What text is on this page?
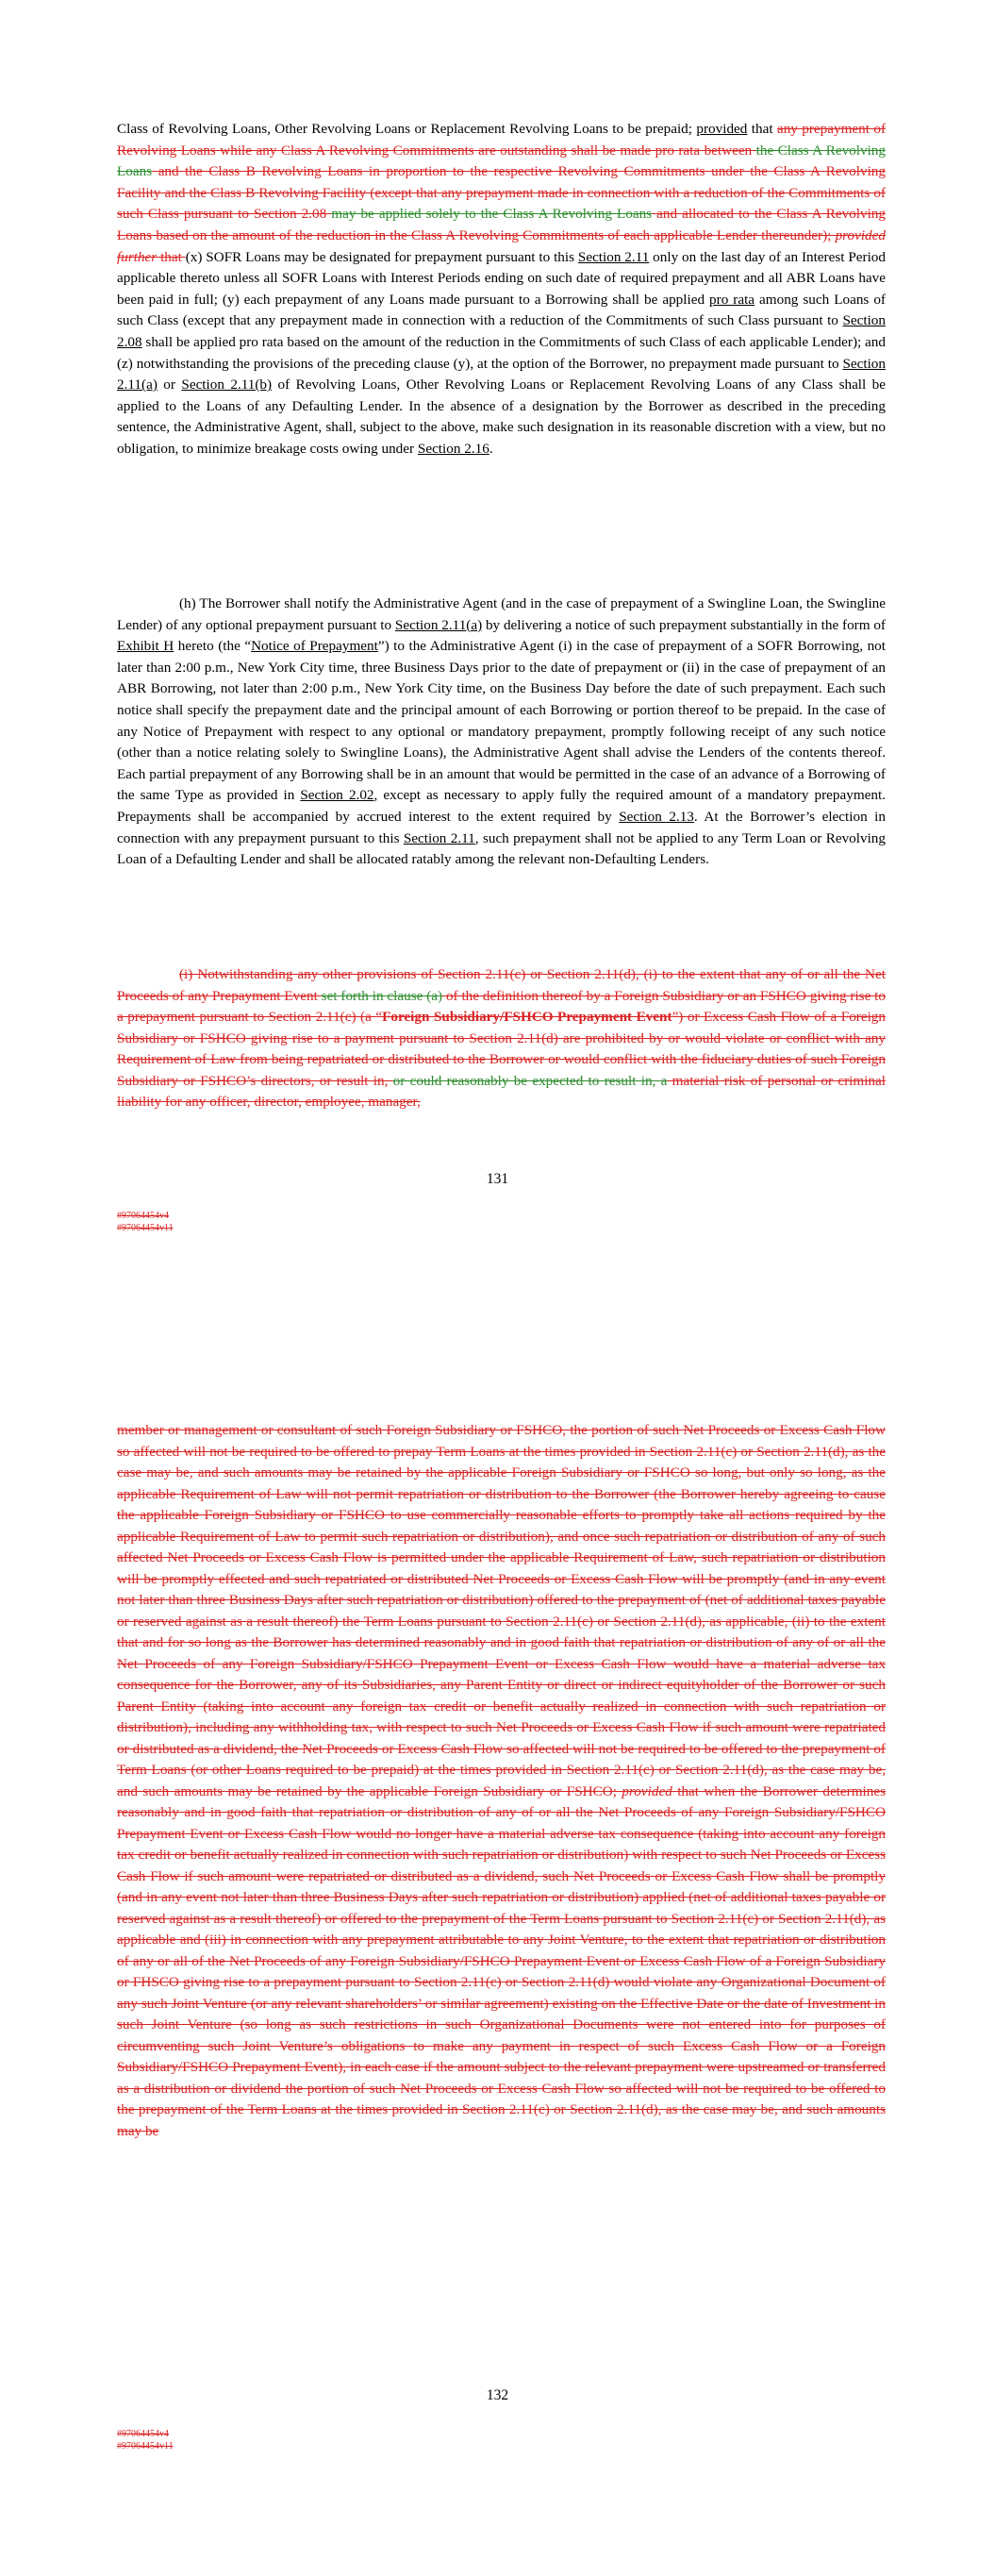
Class of Revolving Loans, Other Revolving Loans or Replacement Revolving Loans to be prepaid; provided that any prepayment of Revolving Loans while any Class A Revolving Commitments are outstanding shall be made pro rata between the Class A Revolving Loans and the Class B Revolving Loans in proportion to the respective Revolving Commitments under the Class A Revolving Facility and the Class B Revolving Facility (except that any prepayment made in connection with a reduction of the Commitments of such Class pursuant to Section 2.08 may be applied solely to the Class A Revolving Loans and allocated to the Class A Revolving Loans based on the amount of the reduction in the Class A Revolving Commitments of each applicable Lender thereunder); provided further that (x) SOFR Loans may be designated for prepayment pursuant to this Section 2.11 only on the last day of an Interest Period applicable thereto unless all SOFR Loans with Interest Periods ending on such date of required prepayment and all ABR Loans have been paid in full; (y) each prepayment of any Loans made pursuant to a Borrowing shall be applied pro rata among such Loans of such Class (except that any prepayment made in connection with a reduction of the Commitments of such Class pursuant to Section 2.08 shall be applied pro rata based on the amount of the reduction in the Commitments of such Class of each applicable Lender); and (z) notwithstanding the provisions of the preceding clause (y), at the option of the Borrower, no prepayment made pursuant to Section 2.11(a) or Section 2.11(b) of Revolving Loans, Other Revolving Loans or Replacement Revolving Loans of any Class shall be applied to the Loans of any Defaulting Lender. In the absence of a designation by the Borrower as described in the preceding sentence, the Administrative Agent, shall, subject to the above, make such designation in its reasonable discretion with a view, but no obligation, to minimize breakage costs owing under Section 2.16.
(h) The Borrower shall notify the Administrative Agent (and in the case of prepayment of a Swingline Loan, the Swingline Lender) of any optional prepayment pursuant to Section 2.11(a) by delivering a notice of such prepayment substantially in the form of Exhibit H hereto (the “Notice of Prepayment”) to the Administrative Agent (i) in the case of prepayment of a SOFR Borrowing, not later than 2:00 p.m., New York City time, three Business Days prior to the date of prepayment or (ii) in the case of prepayment of an ABR Borrowing, not later than 2:00 p.m., New York City time, on the Business Day before the date of such prepayment. Each such notice shall specify the prepayment date and the principal amount of each Borrowing or portion thereof to be prepaid. In the case of any Notice of Prepayment with respect to any optional or mandatory prepayment, promptly following receipt of any such notice (other than a notice relating solely to Swingline Loans), the Administrative Agent shall advise the Lenders of the contents thereof. Each partial prepayment of any Borrowing shall be in an amount that would be permitted in the case of an advance of a Borrowing of the same Type as provided in Section 2.02, except as necessary to apply fully the required amount of a mandatory prepayment. Prepayments shall be accompanied by accrued interest to the extent required by Section 2.13. At the Borrower’s election in connection with any prepayment pursuant to this Section 2.11, such prepayment shall not be applied to any Term Loan or Revolving Loan of a Defaulting Lender and shall be allocated ratably among the relevant non-Defaulting Lenders.
(i) Notwithstanding any other provisions of Section 2.11(c) or Section 2.11(d), (i) to the extent that any of or all the Net Proceeds of any Prepayment Event set forth in clause (a) of the definition thereof by a Foreign Subsidiary or an FSHCO giving rise to a prepayment pursuant to Section 2.11(c) (a “Foreign Subsidiary/FSHCO Prepayment Event”) or Excess Cash Flow of a Foreign Subsidiary or FSHCO giving rise to a payment pursuant to Section 2.11(d) are prohibited by or would violate or conflict with any Requirement of Law from being repatriated or distributed to the Borrower or would conflict with the fiduciary duties of such Foreign Subsidiary or FSHCO’s directors, or result in, or could reasonably be expected to result in, a material risk of personal or criminal liability for any officer, director, employee, manager,
131
#97064454v4
#97064454v11
member or management or consultant of such Foreign Subsidiary or FSHCO, the portion of such Net Proceeds or Excess Cash Flow so affected will not be required to be offered to prepay Term Loans at the times provided in Section 2.11(c) or Section 2.11(d), as the case may be, and such amounts may be retained by the applicable Foreign Subsidiary or FSHCO so long, but only so long, as the applicable Requirement of Law will not permit repatriation or distribution to the Borrower (the Borrower hereby agreeing to cause the applicable Foreign Subsidiary or FSHCO to use commercially reasonable efforts to promptly take all actions required by the applicable Requirement of Law to permit such repatriation or distribution), and once such repatriation or distribution of any of such affected Net Proceeds or Excess Cash Flow is permitted under the applicable Requirement of Law, such repatriation or distribution will be promptly effected and such repatriated or distributed Net Proceeds or Excess Cash Flow will be promptly (and in any event not later than three Business Days after such repatriation or distribution) offered to the prepayment of (net of additional taxes payable or reserved against as a result thereof) the Term Loans pursuant to Section 2.11(c) or Section 2.11(d), as applicable, (ii) to the extent that and for so long as the Borrower has determined reasonably and in good faith that repatriation or distribution of any of or all the Net Proceeds of any Foreign Subsidiary/FSHCO Prepayment Event or Excess Cash Flow would have a material adverse tax consequence for the Borrower, any of its Subsidiaries, any Parent Entity or direct or indirect equityholder of the Borrower or such Parent Entity (taking into account any foreign tax credit or benefit actually realized in connection with such repatriation or distribution), including any withholding tax, with respect to such Net Proceeds or Excess Cash Flow if such amount were repatriated or distributed as a dividend, the Net Proceeds or Excess Cash Flow so affected will not be required to be offered to the prepayment of Term Loans (or other Loans required to be prepaid) at the times provided in Section 2.11(c) or Section 2.11(d), as the case may be, and such amounts may be retained by the applicable Foreign Subsidiary or FSHCO; provided that when the Borrower determines reasonably and in good faith that repatriation or distribution of any of or all the Net Proceeds of any Foreign Subsidiary/FSHCO Prepayment Event or Excess Cash Flow would no longer have a material adverse tax consequence (taking into account any foreign tax credit or benefit actually realized in connection with such repatriation or distribution) with respect to such Net Proceeds or Excess Cash Flow if such amount were repatriated or distributed as a dividend, such Net Proceeds or Excess Cash Flow shall be promptly (and in any event not later than three Business Days after such repatriation or distribution) applied (net of additional taxes payable or reserved against as a result thereof) or offered to the prepayment of the Term Loans pursuant to Section 2.11(c) or Section 2.11(d), as applicable and (iii) in connection with any prepayment attributable to any Joint Venture, to the extent that repatriation or distribution of any or all of the Net Proceeds of any Foreign Subsidiary/FSHCO Prepayment Event or Excess Cash Flow of a Foreign Subsidiary or FHSCO giving rise to a prepayment pursuant to Section 2.11(c) or Section 2.11(d) would violate any Organizational Document of any such Joint Venture (or any relevant shareholders’ or similar agreement) existing on the Effective Date or the date of Investment in such Joint Venture (so long as such restrictions in such Organizational Documents were not entered into for purposes of circumventing such Joint Venture’s obligations to make any payment in respect of such Excess Cash Flow or a Foreign Subsidiary/FSHCO Prepayment Event), in each case if the amount subject to the relevant prepayment were upstreamed or transferred as a distribution or dividend the portion of such Net Proceeds or Excess Cash Flow so affected will not be required to be offered to the prepayment of the Term Loans at the times provided in Section 2.11(c) or Section 2.11(d), as the case may be, and such amounts may be
132
#97064454v4
#97064454v11
